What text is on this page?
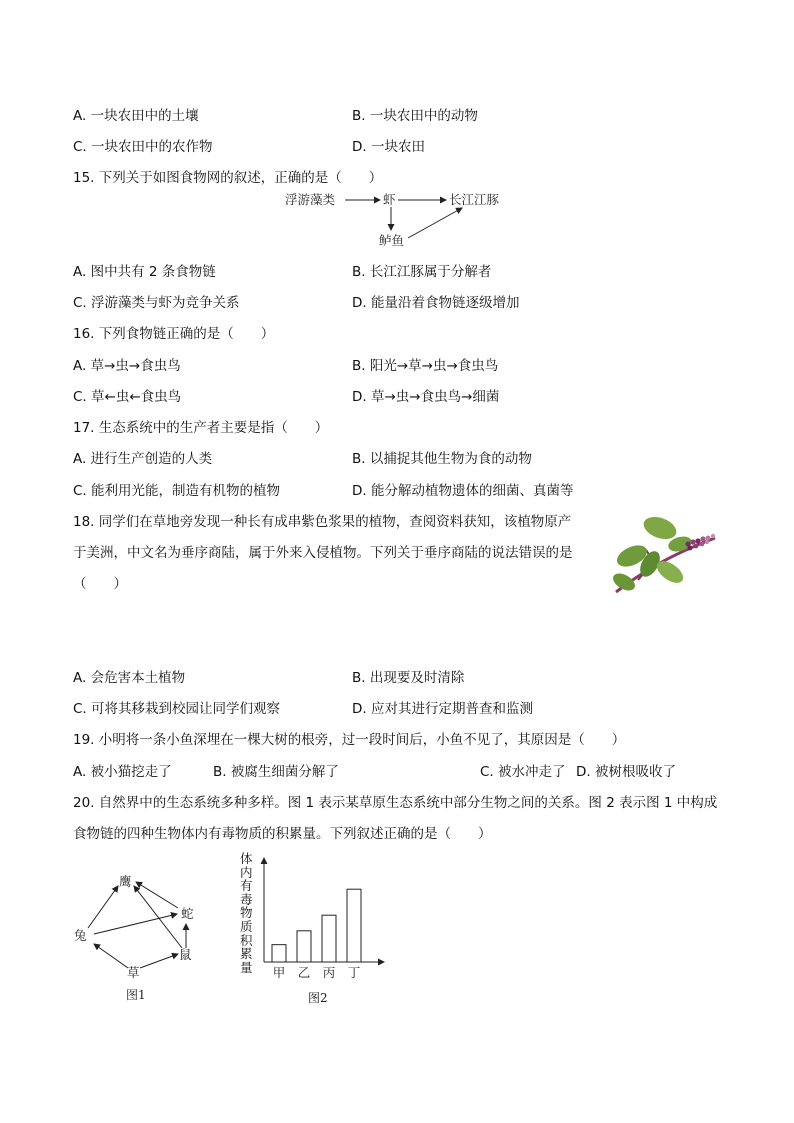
A. 一块农田中的土壤	B. 一块农田中的动物
C. 一块农田中的农作物	D. 一块农田
15. 下列关于如图食物网的叙述，正确的是（　　）
浮游藻类	虾	长江江豚
鲈鱼
A. 图中共有 2 条食物链	B. 长江江豚属于分解者
C. 浮游藻类与虾为竞争关系	D. 能量沿着食物链逐级增加
16. 下列食物链正确的是（　　）
A. 草→虫→食虫鸟	B. 阳光→草→虫→食虫鸟
C. 草←虫←食虫鸟	D. 草→虫→食虫鸟→细菌
17. 生态系统中的生产者主要是指（　　）
A. 进行生产创造的人类	B. 以捕捉其他生物为食的动物
C. 能利用光能，制造有机物的植物	D. 能分解动植物遗体的细菌、真菌等
18. 同学们在草地旁发现一种长有成串紫色浆果的植物，查阅资料获知，该植物原产
于美洲，中文名为垂序商陆，属于外来入侵植物。下列关于垂序商陆的说法错误的是
（　　）
A. 会危害本土植物	B. 出现要及时清除
C. 可将其移栽到校园让同学们观察	D. 应对其进行定期普查和监测
19. 小明将一条小鱼深埋在一棵大树的根旁，过一段时间后，小鱼不见了，其原因是（　　）
A. 被小猫挖走了	B. 被腐生细菌分解了	C. 被水冲走了 D. 被树根吸收了
20. 自然界中的生态系统多种多样。图 1 表示某草原生态系统中部分生物之间的关系。图 2 表示图 1 中构成
食物链的四种生物体内有毒物质的积累量。下列叙述正确的是（　　）
鹰
蛇
兔
鼠
草
图1
体
内
有
毒
物
质
积
累
量 甲 乙 丙 丁
图2
